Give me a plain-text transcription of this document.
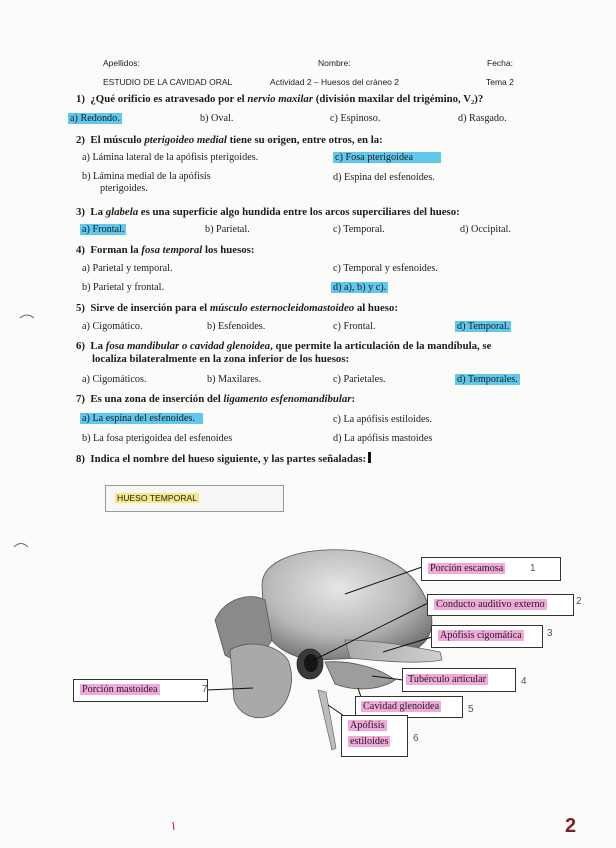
Apellidos:	Nombre:	Fecha:
ESTUDIO DE LA CAVIDAD ORAL	Actividad 2 – Huesos del cráneo 2	Tema 2
1) ¿Qué orificio es atravesado por el nervio maxilar (división maxilar del trigémino, V₂)?
a) Redondo.	b) Oval.	c) Espinoso.	d) Rasgado.
2) El músculo pterigoideo medial tiene su origen, entre otros, en la:
a) Lámina lateral de la apófisis pterigoides.	c) Fosa pterigoidea
b) Lámina medial de la apófisis
pterigoides.
d) Espina del esfenoides.
3) La glabela es una superficie algo hundida entre los arcos superciliares del hueso:
a) Frontal.	b) Parietal.	c) Temporal.	d) Occipital.
4) Forman la fosa temporal los huesos:
a) Parietal y temporal.	c) Temporal y esfenoides.
b) Parietal y frontal.	d) a), b) y c).
5) Sirve de inserción para el músculo esternocleidomastoideo al hueso:
a) Cigomático.	b) Esfenoides.	c) Frontal.	d) Temporal.
6) La fosa mandibular o cavidad glenoidea, que permite la articulación de la mandíbula, se
localiza bilateralmente en la zona inferior de los huesos:
a) Cigomáticos.	b) Maxilares.	c) Parietales.	d) Temporales.
7) Es una zona de inserción del ligamento esfenomandibular:
a) La espina del esfenoides.	c) La apófisis estiloides.
b) La fosa pterigoidea del esfenoides	d) La apófisis mastoides
8) Indica el nombre del hueso siguiente, y las partes señaladas:
HUESO TEMPORAL
Porción escamosa	1
Conducto auditivo externo	2
Apófisis cigomática	3
Porción mastoidea	7
Tubérculo articular	4
Cavidad glenoidea	5
Apófisis
estiloides 6
2
